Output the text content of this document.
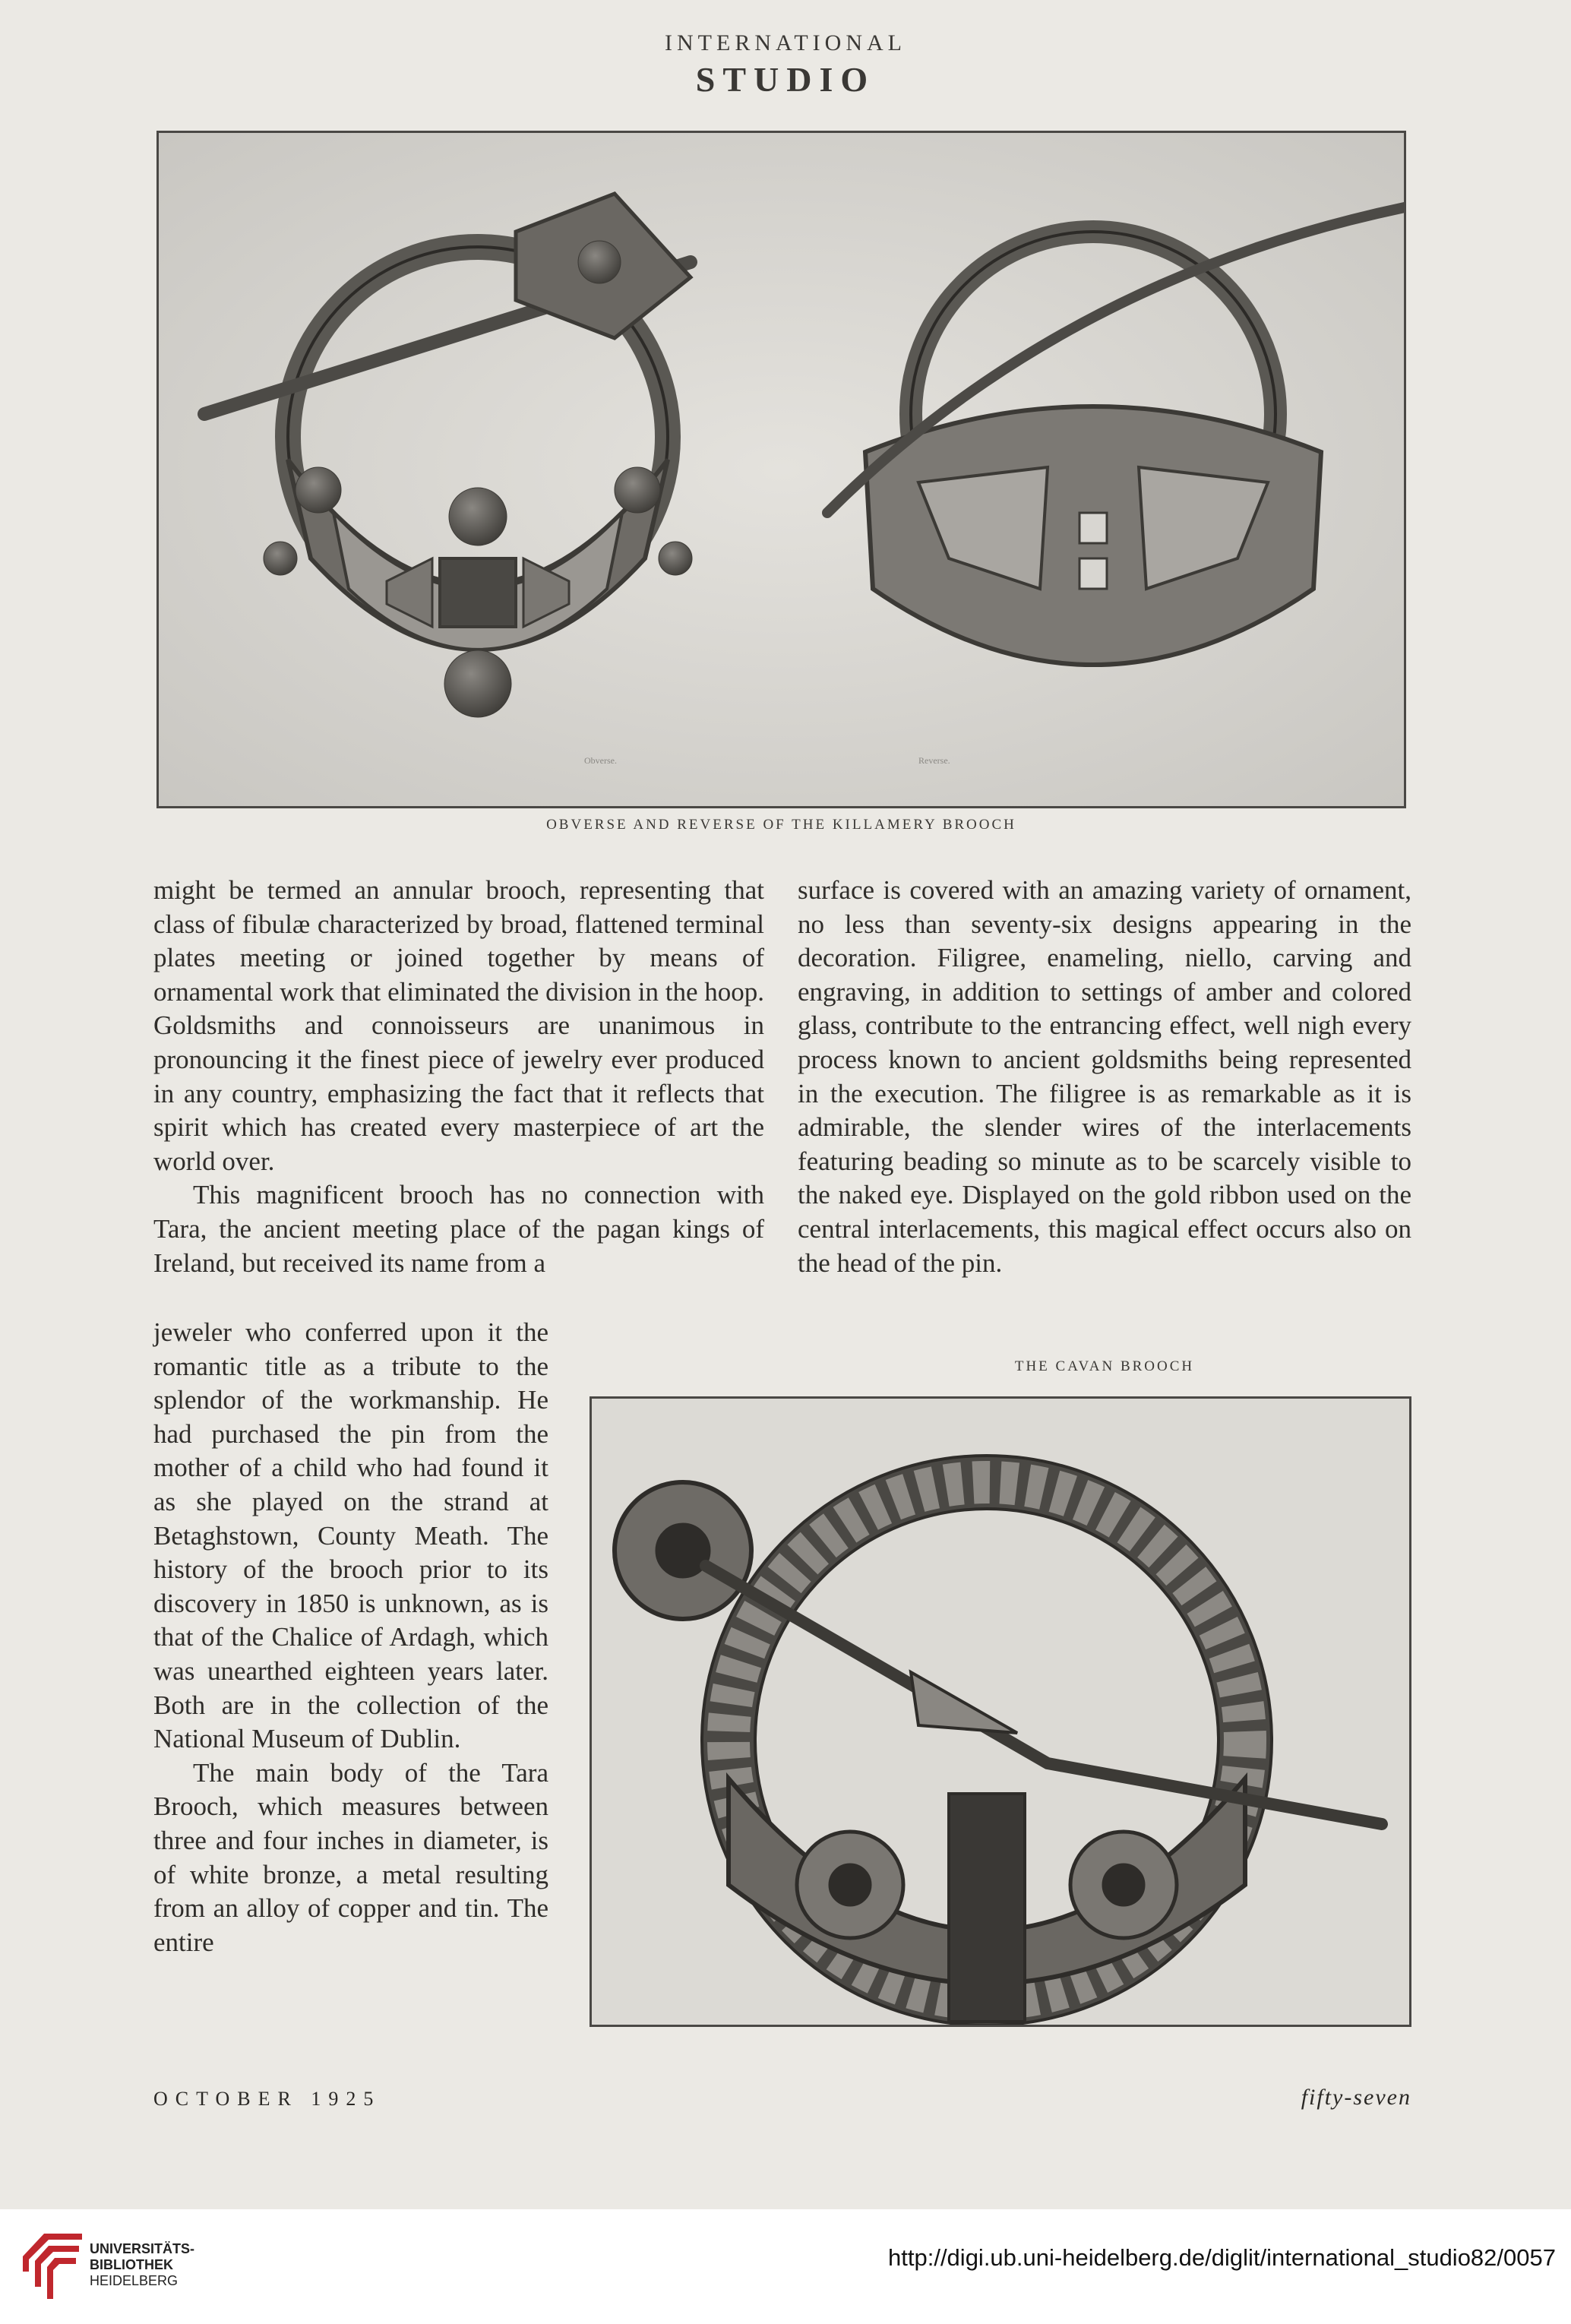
INTERNATIONAL
STUDIO
Obverse.	Reverse.
OBVERSE AND REVERSE OF THE KILLAMERY BROOCH

might be termed an annular brooch, representing that class of fibulæ characterized by broad, flattened terminal plates meeting or joined together by means of ornamental work that eliminated the division in the hoop. Goldsmiths and connoisseurs are unanimous in pronouncing it the finest piece of jewelry ever produced in any country, emphasizing the fact that it reflects that spirit which has created every masterpiece of art the world over.

This magnificent brooch has no connection with Tara, the ancient meeting place of the pagan kings of Ireland, but received its name from a

surface is covered with an amazing variety of ornament, no less than seventy-six designs appearing in the decoration. Filigree, enameling, niello, carving and engraving, in addition to settings of amber and colored glass, contribute to the entrancing effect, well nigh every process known to ancient goldsmiths being represented in the execution. The filigree is as remarkable as it is admirable, the slender wires of the interlacements featuring beading so minute as to be scarcely visible to the naked eye. Displayed on the gold ribbon used on the central interlacements, this magical effect occurs also on the head of the pin.

THE CAVAN BROOCH

jeweler who conferred upon it the romantic title as a tribute to the splendor of the workmanship. He had purchased the pin from the mother of a child who had found it as she played on the strand at Betaghstown, County Meath. The history of the brooch prior to its discovery in 1850 is unknown, as is that of the Chalice of Ardagh, which was unearthed eighteen years later. Both are in the collection of the National Museum of Dublin.

The main body of the Tara Brooch, which measures between three and four inches in diameter, is of white bronze, a metal resulting from an alloy of copper and tin. The entire

OCTOBER 1925	fifty-seven
UNIVERSITÄTS-
BIBLIOTHEK
HEIDELBERG
http://digi.ub.uni-heidelberg.de/diglit/international_studio82/0057
